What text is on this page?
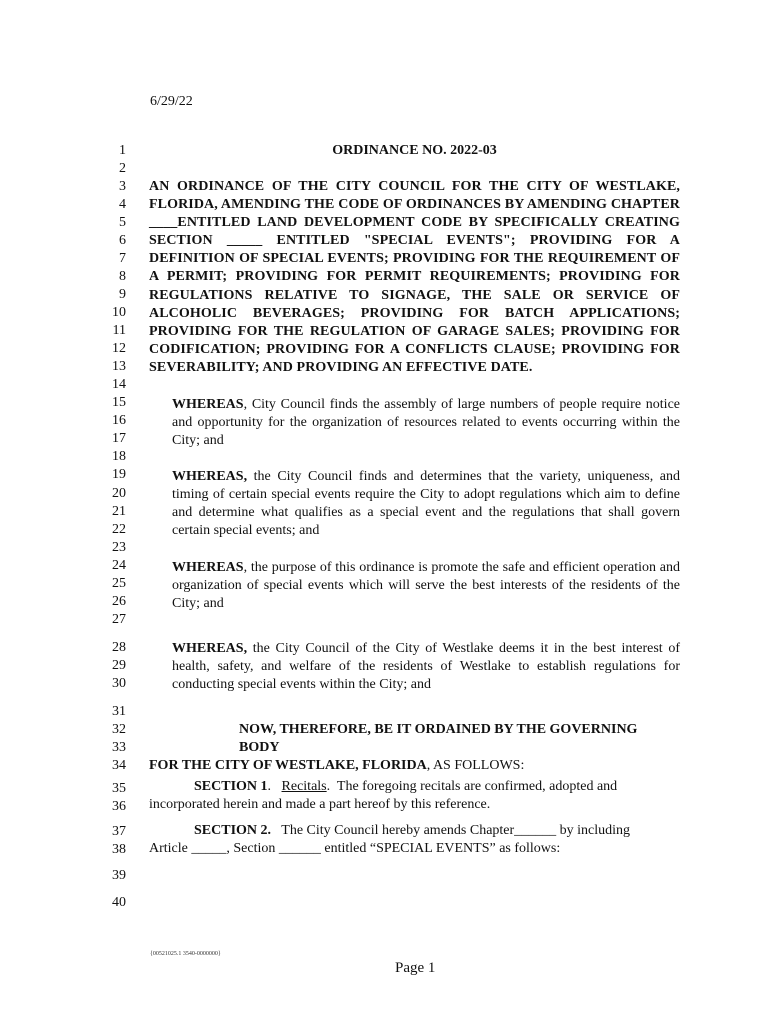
6/29/22
1
2
3
4
5
6
7
8
9
10
11
12
13
14
15
16
17
18
19
20
21
22
23
24
25
26
27
28
29
30
31
32
33
34
35
36
37
38
39
40
ORDINANCE NO. 2022-03
AN ORDINANCE OF THE CITY COUNCIL FOR THE CITY OF WESTLAKE, FLORIDA, AMENDING THE CODE OF ORDINANCES BY AMENDING CHAPTER ____ENTITLED LAND DEVELOPMENT CODE BY SPECIFICALLY CREATING SECTION _____ ENTITLED "SPECIAL EVENTS"; PROVIDING FOR A DEFINITION OF SPECIAL EVENTS; PROVIDING FOR THE REQUIREMENT OF A PERMIT; PROVIDING FOR PERMIT REQUIREMENTS; PROVIDING FOR REGULATIONS RELATIVE TO SIGNAGE, THE SALE OR SERVICE OF ALCOHOLIC BEVERAGES; PROVIDING FOR BATCH APPLICATIONS; PROVIDING FOR THE REGULATION OF GARAGE SALES; PROVIDING FOR CODIFICATION; PROVIDING FOR A CONFLICTS CLAUSE; PROVIDING FOR SEVERABILITY; AND PROVIDING AN EFFECTIVE DATE.
WHEREAS, City Council finds the assembly of large numbers of people require notice and opportunity for the organization of resources related to events occurring within the City; and
WHEREAS, the City Council finds and determines that the variety, uniqueness, and timing of certain special events require the City to adopt regulations which aim to define and determine what qualifies as a special event and the regulations that shall govern certain special events; and
WHEREAS, the purpose of this ordinance is promote the safe and efficient operation and organization of special events which will serve the best interests of the residents of the City; and
WHEREAS, the City Council of the City of Westlake deems it in the best interest of health, safety, and welfare of the residents of Westlake to establish regulations for conducting special events within the City; and
NOW, THEREFORE, BE IT ORDAINED BY THE GOVERNING BODY
FOR THE CITY OF WESTLAKE, FLORIDA, AS FOLLOWS:
SECTION 1.   Recitals.  The foregoing recitals are confirmed, adopted and
incorporated herein and made a part hereof by this reference.
SECTION 2. The City Council hereby amends Chapter______ by including
Article _____, Section ______ entitled “SPECIAL EVENTS” as follows:
{00521025.1 3540-0000000}
Page 1
